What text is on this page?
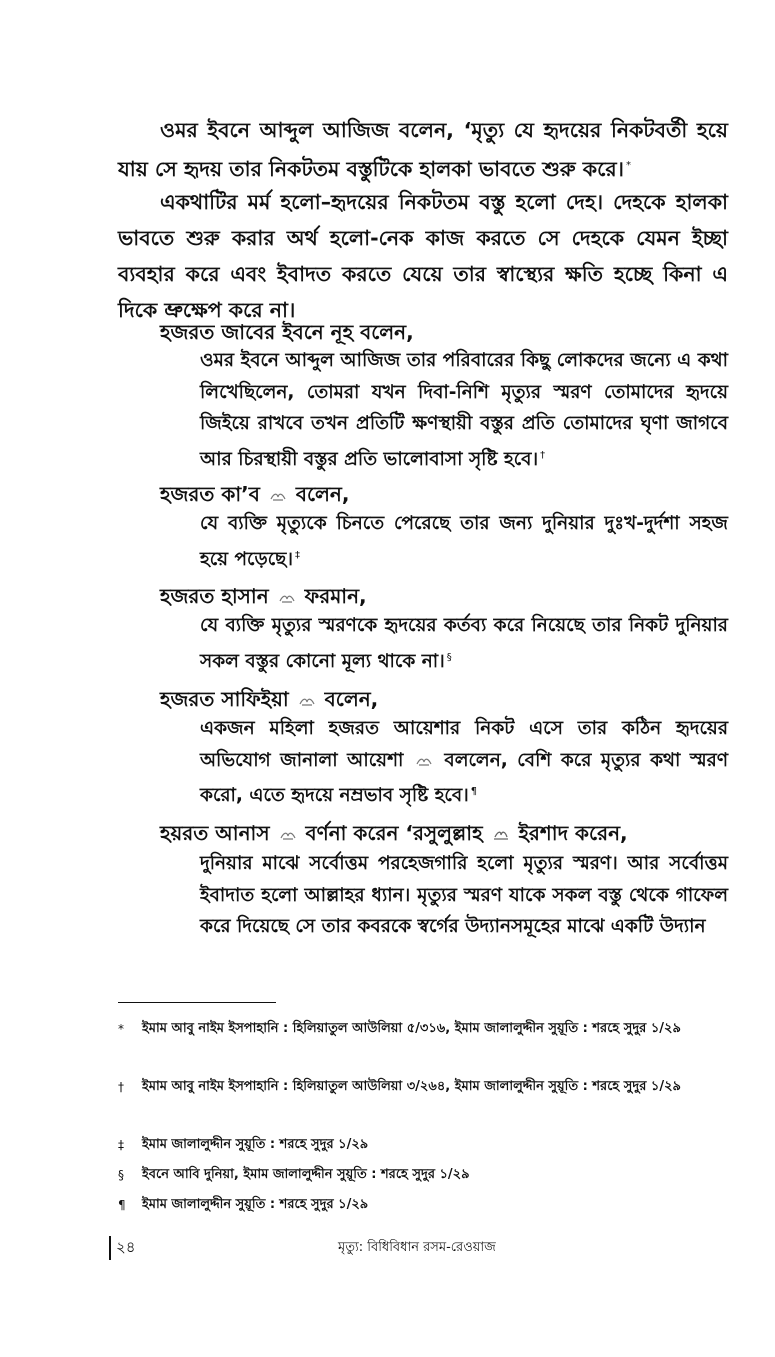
ওমর ইবনে আব্দুল আজিজ বলেন, ‘মৃত্যু যে হৃদয়ের নিকটবর্তী হয়ে যায় সে হৃদয় তার নিকটতম বস্তুটিকে হালকা ভাবতে শুরু করে। *

একথাটির মর্ম হলো–হৃদয়ের নিকটতম বস্তু হলো দেহ। দেহকে হালকা ভাবতে শুরু করার অর্থ হলো-নেক কাজ করতে সে দেহকে যেমন ইচ্ছা ব্যবহার করে এবং ইবাদত করতে যেয়ে তার স্বাস্থ্যের ক্ষতি হচ্ছে কিনা এ দিকে ভ্রুক্ষেপ করে না।

হজরত জাবের ইবনে নূহ বলেন,

ওমর ইবনে আব্দুল আজিজ তার পরিবারের কিছু লোকদের জন্যে এ কথা লিখেছিলেন, তোমরা যখন দিবা-নিশি মৃত্যুর স্মরণ তোমাদের হৃদয়ে জিইয়ে রাখবে তখন প্রতিটি ক্ষণস্থায়ী বস্তুর প্রতি তোমাদের ঘৃণা জাগবে আর চিরস্থায়ী বস্তুর প্রতি ভালোবাসা সৃষ্টি হবে। †

হজরত কা’ব বলেন,

যে ব্যক্তি মৃত্যুকে চিনতে পেরেছে তার জন্য দুনিয়ার দুঃখ-দুর্দশা সহজ হয়ে পড়েছে। ‡

হজরত হাসান ফরমান,

যে ব্যক্তি মৃত্যুর স্মরণকে হৃদয়ের কর্তব্য করে নিয়েছে তার নিকট দুনিয়ার সকল বস্তুর কোনো মূল্য থাকে না। §

হজরত সাফিইয়া বলেন,

একজন মহিলা হজরত আয়েশার নিকট এসে তার কঠিন হৃদয়ের অভিযোগ জানালা আয়েশা বললেন, বেশি করে মৃত্যুর কথা স্মরণ করো, এতে হৃদয়ে নম্রভাব সৃষ্টি হবে। ¶

হয়রত আনাস বর্ণনা করেন ‘রসুলুল্লাহ ইরশাদ করেন,

দুনিয়ার মাঝে সর্বোত্তম পরহেজগারি হলো মৃত্যুর স্মরণ। আর সর্বোত্তম ইবাদাত হলো আল্লাহর ধ্যান। মৃত্যুর স্মরণ যাকে সকল বস্তু থেকে গাফেল করে দিয়েছে সে তার কবরকে স্বর্গের উদ্যানসমূহের মাঝে একটি উদ্যান

* ইমাম আবু নাইম ইসপাহানি : হিলিয়াতুল আউলিয়া ৫/৩১৬, ইমাম জালালুদ্দীন সুয়ূতি : শরহে সুদুর ১/২৯
† ইমাম আবু নাইম ইসপাহানি : হিলিয়াতুল আউলিয়া ৩/২৬৪, ইমাম জালালুদ্দীন সুয়ূতি : শরহে সুদুর ১/২৯
‡ ইমাম জালালুদ্দীন সুয়ূতি : শরহে সুদুর ১/২৯
§ ইবনে আবি দুনিয়া, ইমাম জালালুদ্দীন সুয়ূতি : শরহে সুদুর ১/২৯
¶ ইমাম জালালুদ্দীন সুয়ূতি : শরহে সুদুর ১/২৯
২৪	মৃত্যু: বিধিবিধান রসম-রেওয়াজ
